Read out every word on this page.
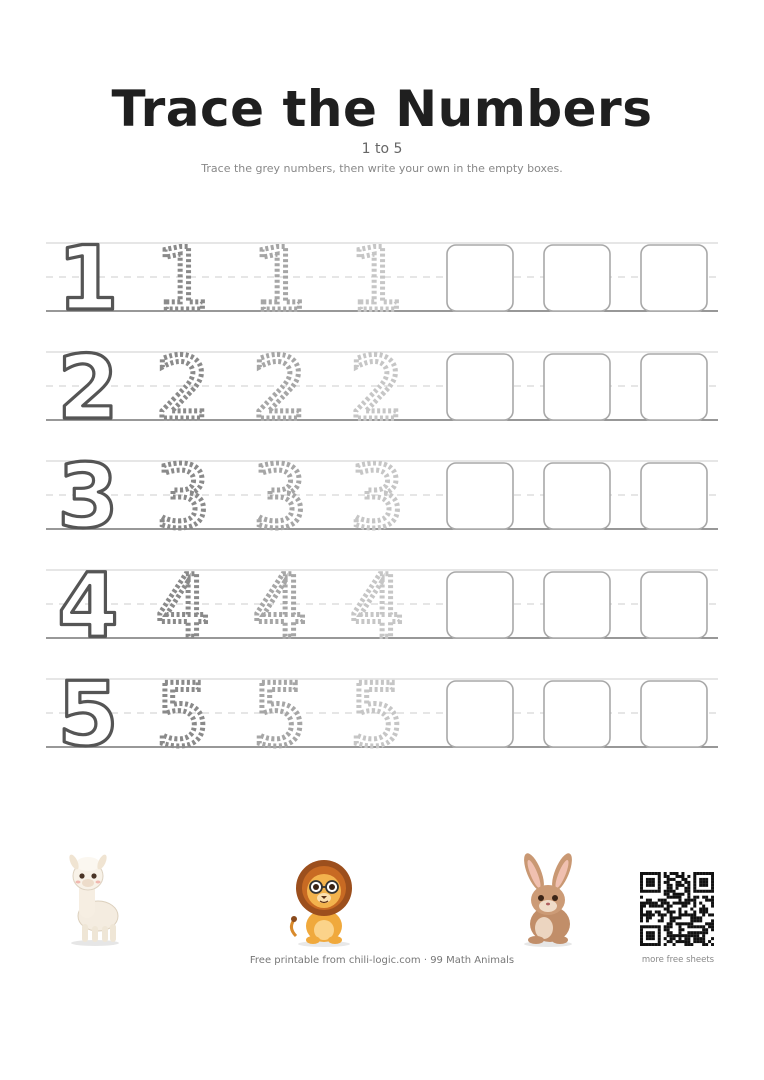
Trace the Numbers
1 to 5
Trace the grey numbers, then write your own in the empty boxes.
1 1 1 1
2 2 2 2
3 3 3 3
4 4 4 4
5 5 5 5
Free printable from chili-logic.com · 99 Math Animals	more free sheets
